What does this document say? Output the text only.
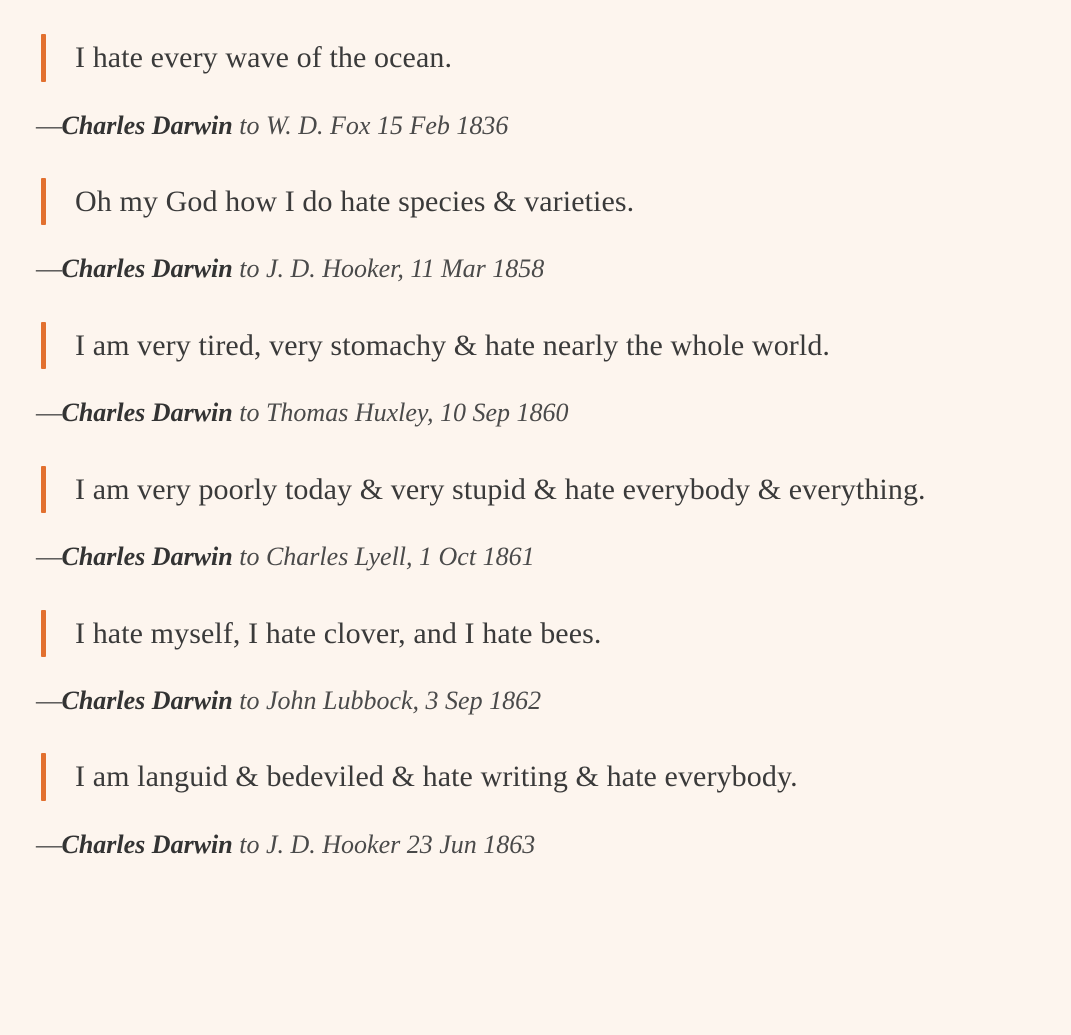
I hate every wave of the ocean.
—Charles Darwin to W. D. Fox 15 Feb 1836
Oh my God how I do hate species & varieties.
—Charles Darwin to J. D. Hooker, 11 Mar 1858
I am very tired, very stomachy & hate nearly the whole world.
—Charles Darwin to Thomas Huxley, 10 Sep 1860
I am very poorly today & very stupid & hate everybody & everything.
—Charles Darwin to Charles Lyell, 1 Oct 1861
I hate myself, I hate clover, and I hate bees.
—Charles Darwin to John Lubbock, 3 Sep 1862
I am languid & bedeviled & hate writing & hate everybody.
—Charles Darwin to J. D. Hooker 23 Jun 1863
